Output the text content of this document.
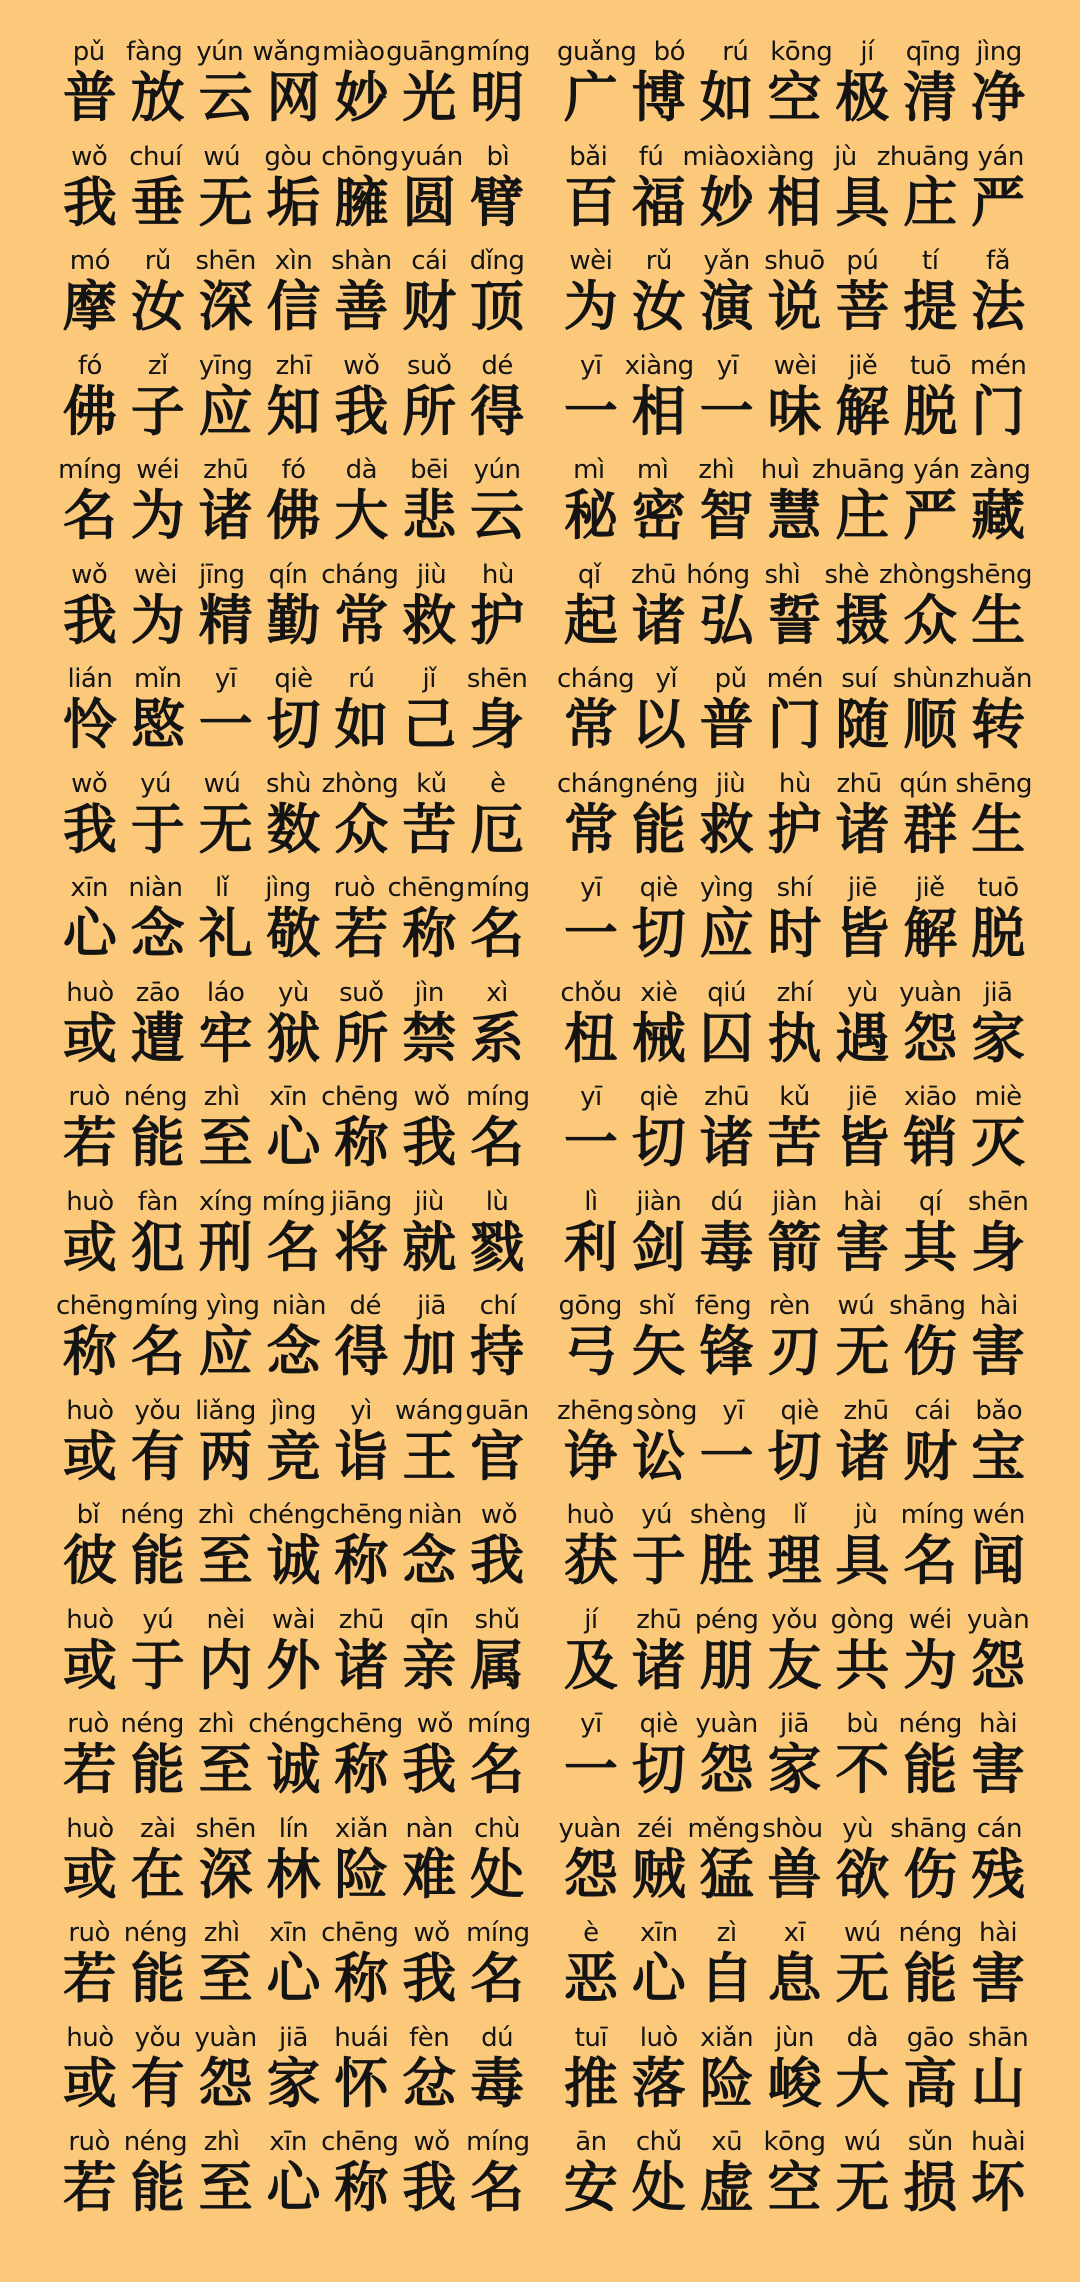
pǔ fàng yún wǎng miào guāng míng
普 放 云 网 妙 光 明
wǒ chuí wú gòu chōng yuán bì
我 垂 无 垢 臃 圆 臂
mó	rǔ shēn xìn shàn cái dǐng
摩 汝 深 信 善 财 顶
fó	zǐ	yīng zhī	wǒ	suǒ	dé
佛 子 应 知 我 所 得
míng wéi zhū	fó	dà	bēi yún
名 为 诸 佛 大 悲 云
wǒ	wèi jīng qín cháng jiù	hù
我 为 精 勤 常 救 护
lián mǐn	yī	qiè	rú	jǐ	shēn
怜 愍 一 切 如 己 身
wǒ	yú	wú shù zhòng kǔ	è
我 于 无 数 众 苦 厄
xīn niàn	lǐ	jìng ruò chēng míng
心 念 礼 敬 若 称 名
huò zāo	láo	yù	suǒ	jìn	xì
或 遭 牢 狱 所 禁 系
ruò néng zhì	xīn chēng wǒ míng
若 能 至 心 称 我 名
huò fàn xíng míng jiāng jiù	lù
或 犯 刑 名 将 就 戮
chēng míng yìng niàn dé	jiā	chí
称 名 应 念 得 加 持
huò yǒu liǎng jìng	yì wáng guān
或 有 两 竞 诣 王 官
bǐ néng zhì chéng chēng niàn wǒ
彼 能 至 诚 称 念 我
huò	yú	nèi	wài zhū qīn shǔ
或 于 内 外 诸 亲 属
ruò néng zhì chéng chēng wǒ míng
若 能 至 诚 称 我 名
huò	zài shēn lín	xiǎn nàn chù
或 在 深 林 险 难 处
ruò néng zhì	xīn chēng wǒ míng
若 能 至 心 称 我 名
huò yǒu yuàn jiā	huái fèn	dú
或 有 怨 家 怀 忿 毒
ruò néng zhì	xīn chēng wǒ míng
若 能 至 心 称 我 名
guǎng bó	rú kōng	jí	qīng jìng
广 博 如 空 极 清 净
bǎi	fú miào xiàng jù zhuāng yán
百 福 妙 相 具 庄 严
wèi	rǔ	yǎn shuō pú	tí	fǎ
为 汝 演 说 菩 提 法
yī xiàng yī	wèi	jiě	tuō mén
一 相 一 味 解 脱 门
mì	mì	zhì	huì zhuāng yán zàng
秘 密 智 慧 庄 严 藏
qǐ	zhū hóng shì shè zhòng shēng
起 诸 弘 誓 摄 众 生
cháng yǐ	pǔ mén suí shùn zhuǎn
常 以 普 门 随 顺 转
cháng néng jiù	hù zhū qún shēng
常 能 救 护 诸 群 生
yī	qiè yìng shí	jiē	jiě	tuō
一 切 应 时 皆 解 脱
chǒu xiè	qiú	zhí	yù yuàn jiā
杻 械 囚 执 遇 怨 家
yī	qiè	zhū	kǔ	jiē	xiāo miè
一 切 诸 苦 皆 销 灭
lì	jiàn	dú	jiàn	hài	qí	shēn
利 剑 毒 箭 害 其 身
gōng shǐ fēng rèn	wú shāng hài
弓 矢 锋 刃 无 伤 害
zhēng sòng yī	qiè zhū cái bǎo
诤 讼 一 切 诸 财 宝
huò	yú shèng	lǐ	jù míng wén
获 于 胜 理 具 名 闻
jí	zhū péng yǒu gòng wéi yuàn
及 诸 朋 友 共 为 怨
yī	qiè yuàn jiā	bù néng hài
一 切 怨 家 不 能 害
yuàn zéi měng shòu yù shāng cán
怨 贼 猛 兽 欲 伤 残
è	xīn	zì	xī	wú néng hài
恶 心 自 息 无 能 害
tuī	luò xiǎn jùn	dà	gāo shān
推 落 险 峻 大 高 山
ān	chǔ	xū kōng wú	sǔn huài
安 处 虚 空 无 损 坏
